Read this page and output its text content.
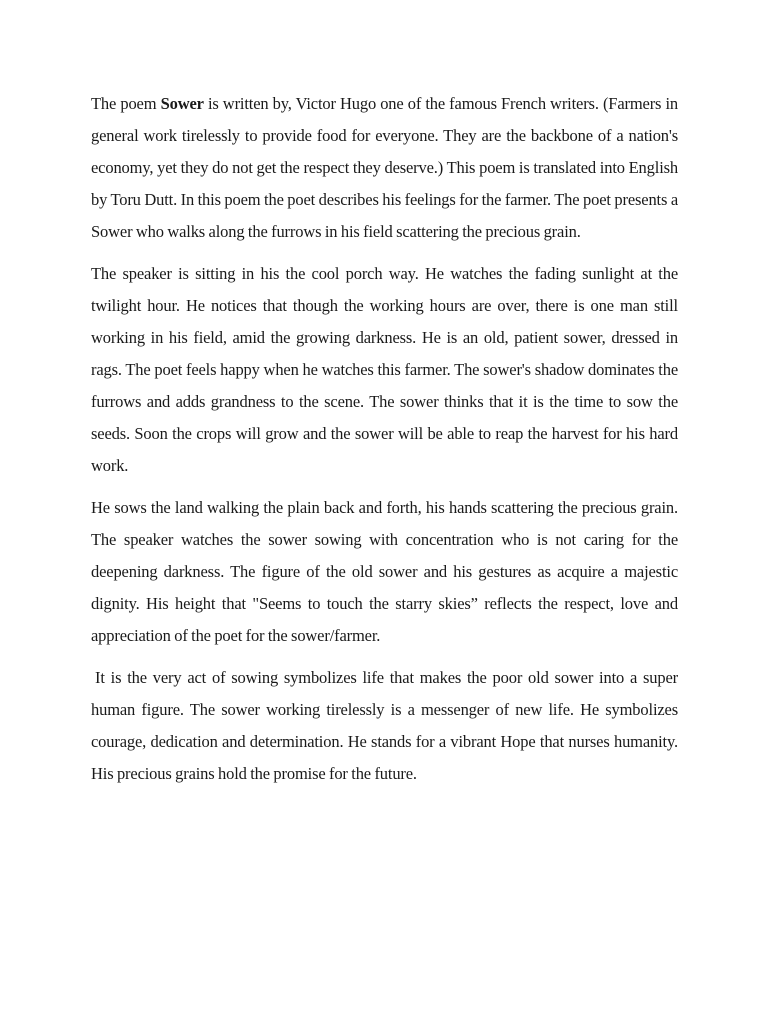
The poem Sower is written by, Victor Hugo one of the famous French writers. (Farmers in general work tirelessly to provide food for everyone. They are the backbone of a nation's economy, yet they do not get the respect they deserve.) This poem is translated into English by Toru Dutt. In this poem the poet describes his feelings for the farmer. The poet presents a Sower who walks along the furrows in his field scattering the precious grain.

The speaker is sitting in his the cool porch way. He watches the fading sunlight at the twilight hour. He notices that though the working hours are over, there is one man still working in his field, amid the growing darkness. He is an old, patient sower, dressed in rags. The poet feels happy when he watches this farmer. The sower's shadow dominates the furrows and adds grandness to the scene. The sower thinks that it is the time to sow the seeds. Soon the crops will grow and the sower will be able to reap the harvest for his hard work.

He sows the land walking the plain back and forth, his hands scattering the precious grain. The speaker watches the sower sowing with concentration who is not caring for the deepening darkness. The figure of the old sower and his gestures as acquire a majestic dignity. His height that "Seems to touch the starry skies” reflects the respect, love and appreciation of the poet for the sower/farmer.

It is the very act of sowing symbolizes life that makes the poor old sower into a super human figure. The sower working tirelessly is a messenger of new life. He symbolizes courage, dedication and determination. He stands for a vibrant Hope that nurses humanity. His precious grains hold the promise for the future.
